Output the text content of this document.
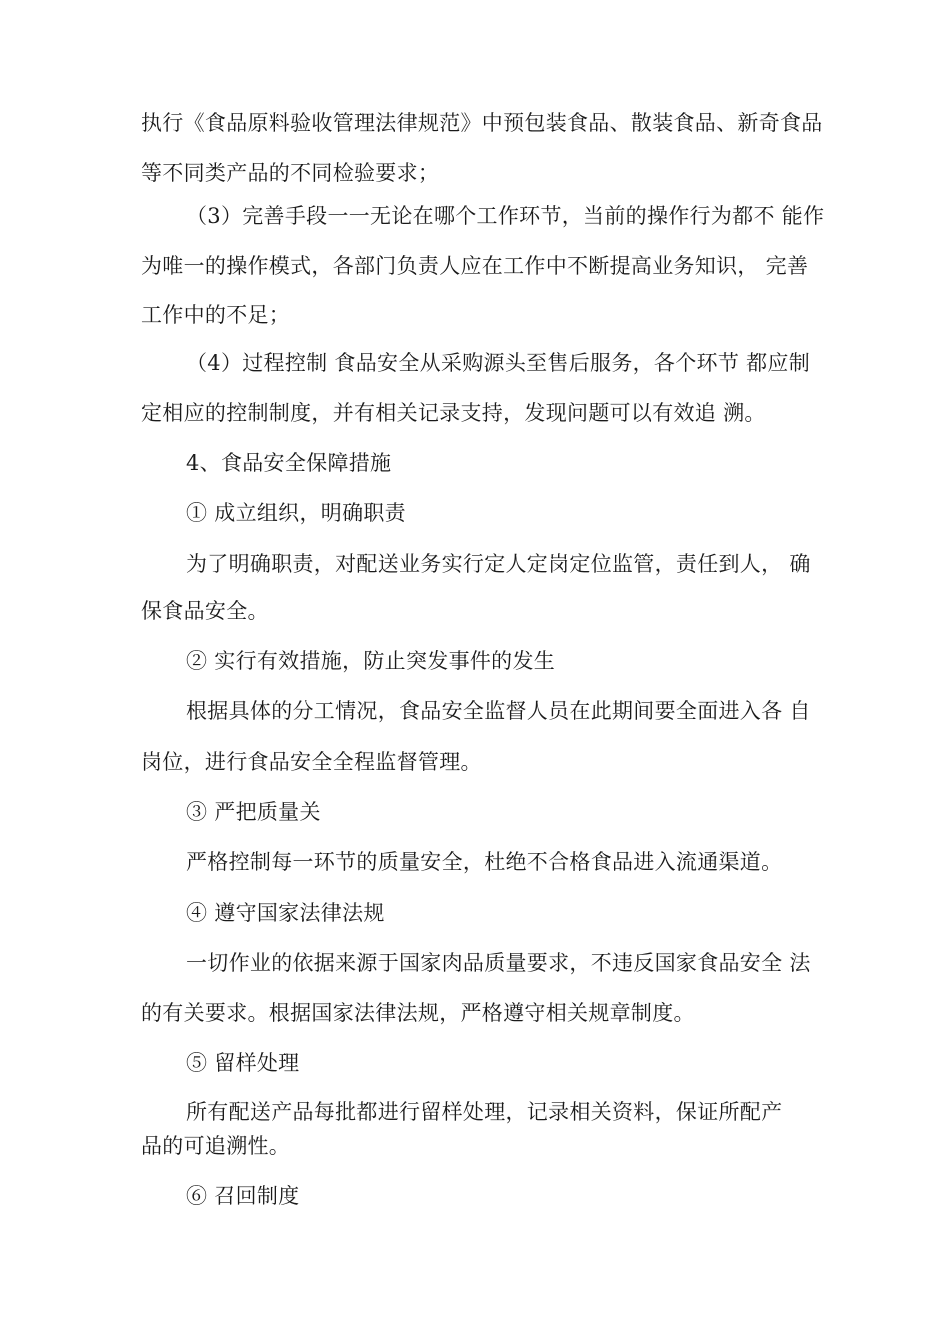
执行《食品原料验收管理法律规范》中预包装食品、散装食品、新奇食品
等不同类产品的不同检验要求；
（3）完善手段一一无论在哪个工作环节，当前的操作行为都不 能作
为唯一的操作模式，各部门负责人应在工作中不断提高业务知识， 完善
工作中的不足；
（4）过程控制 食品安全从采购源头至售后服务，各个环节 都应制
定相应的控制制度，并有相关记录支持，发现问题可以有效追 溯。
4、食品安全保障措施
① 成立组织，明确职责
为了明确职责，对配送业务实行定人定岗定位监管，责任到人， 确
保食品安全。
② 实行有效措施，防止突发事件的发生
根据具体的分工情况，食品安全监督人员在此期间要全面进入各 自
岗位，进行食品安全全程监督管理。
③ 严把质量关
严格控制每一环节的质量安全，杜绝不合格食品进入流通渠道。
④ 遵守国家法律法规
一切作业的依据来源于国家肉品质量要求，不违反国家食品安全 法
的有关要求。根据国家法律法规，严格遵守相关规章制度。
⑤ 留样处理
所有配送产品每批都进行留样处理，记录相关资料，保证所配产
品的可追溯性。
⑥ 召回制度
